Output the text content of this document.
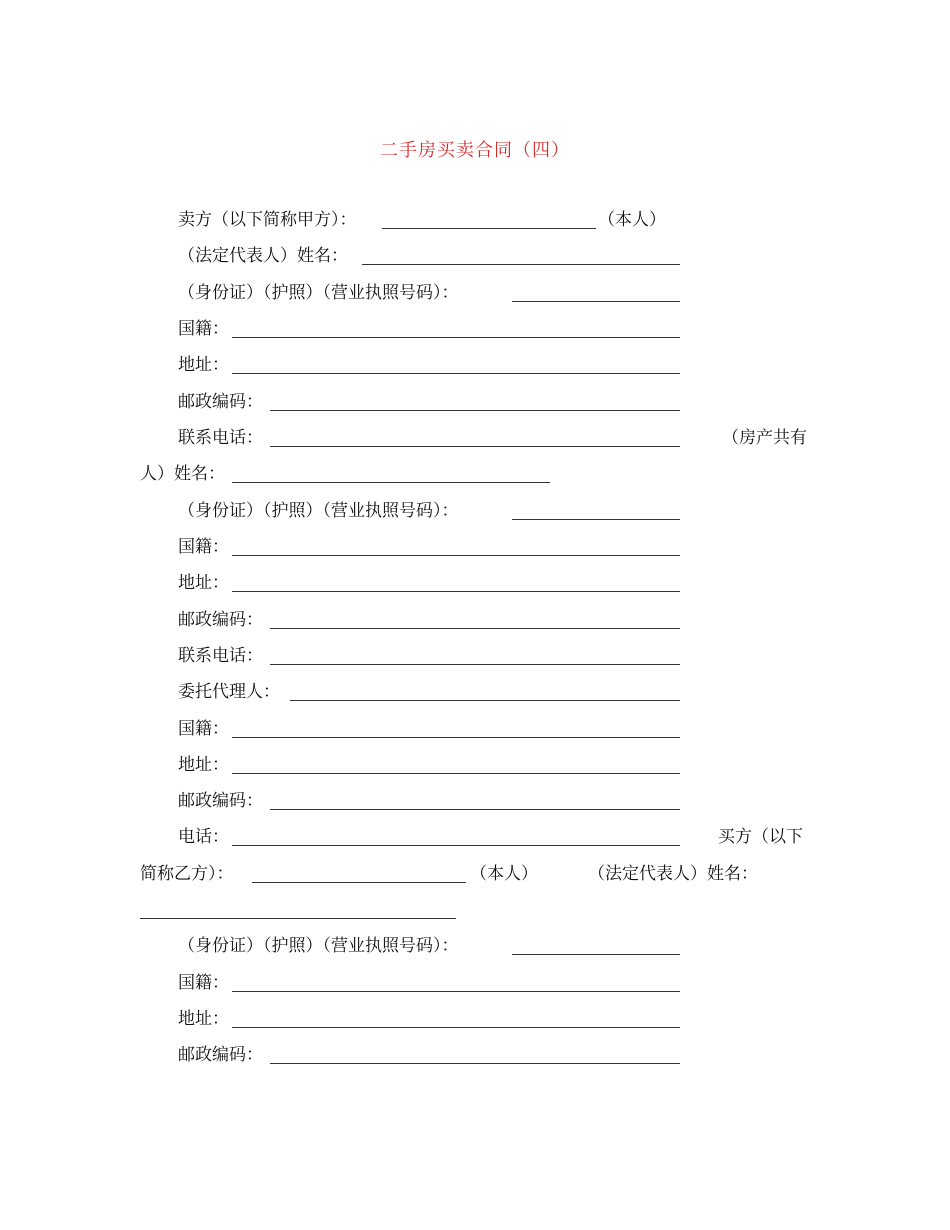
二手房买卖合同（四）
卖方（以下简称甲方）：	（本人）
（法定代表人）姓名：
（身份证）（护照）（营业执照号码）：
国籍：
地址：
邮政编码：
联系电话：	（房产共有
人）姓名：
（身份证）（护照）（营业执照号码）：
国籍：
地址：
邮政编码：
联系电话：
委托代理人：
国籍：
地址：
邮政编码：
电话：	买方（以下
简称乙方）：	（本人）	（法定代表人）姓名：
（身份证）（护照）（营业执照号码）：
国籍：
地址：
邮政编码：
